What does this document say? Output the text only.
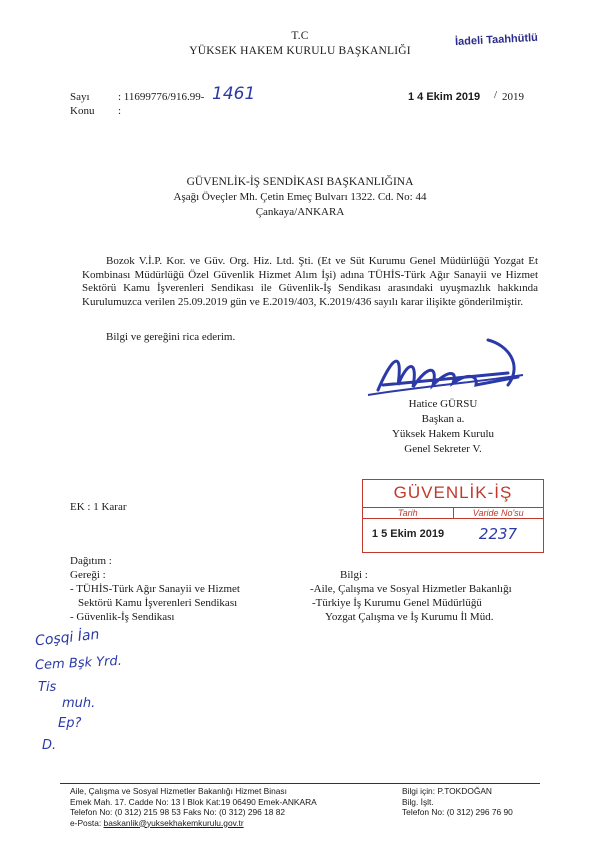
T.C
YÜKSEK HAKEM KURULU BAŞKANLIĞI
İadeli Taahhütlü
Sayı	: 11699776/916.99- 1461
Konu :
1 4 Ekim 2019 / 2019
GÜVENLİK-İŞ SENDİKASI BAŞKANLIĞINA
Aşağı Öveçler Mh. Çetin Emeç Bulvarı 1322. Cd. No: 44
Çankaya/ANKARA
Bozok V.İ.P. Kor. ve Güv. Org. Hiz. Ltd. Şti. (Et ve Süt Kurumu Genel Müdürlüğü Yozgat Et Kombinası Müdürlüğü Özel Güvenlik Hizmet Alım İşi) adına TÜHİS-Türk Ağır Sanayii ve Hizmet Sektörü Kamu İşverenleri Sendikası ile Güvenlik-İş Sendikası arasındaki uyuşmazlık hakkında Kurulumuzca verilen 25.09.2019 gün ve E.2019/403, K.2019/436 sayılı karar ilişikte gönderilmiştir.
Bilgi ve gereğini rica ederim.
Hatice GÜRSU
Başkan a.
Yüksek Hakem Kurulu
Genel Sekreter V.
EK : 1 Karar
GÜVENLİK-İŞ
Tarih	Varide No'su
1 5 Ekim 2019	2237
Dağıtım :
Gereği :
- TÜHİS-Türk Ağır Sanayii ve Hizmet
Sektörü Kamu İşverenleri Sendikası
- Güvenlik-İş Sendikası
Bilgi :
-Aile, Çalışma ve Sosyal Hizmetler Bakanlığı
-Türkiye İş Kurumu Genel Müdürlüğü
Yozgat Çalışma ve İş Kurumu İl Müd.
Coşqi İan
Cem Bşk Yrd.
Tis
muh.
Ep?
D.
Aile, Çalışma ve Sosyal Hizmetler Bakanlığı Hizmet Binası
Emek Mah. 17. Cadde No: 13 İ Blok Kat:19 06490 Emek-ANKARA
Telefon No: (0 312) 215 98 53 Faks No: (0 312) 296 18 82
e-Posta: baskanlik@yuksekhakemkurulu.gov.tr
Bilgi için: P.TOKDOĞAN
Bilg. İşlt.
Telefon No: (0 312) 296 76 90
